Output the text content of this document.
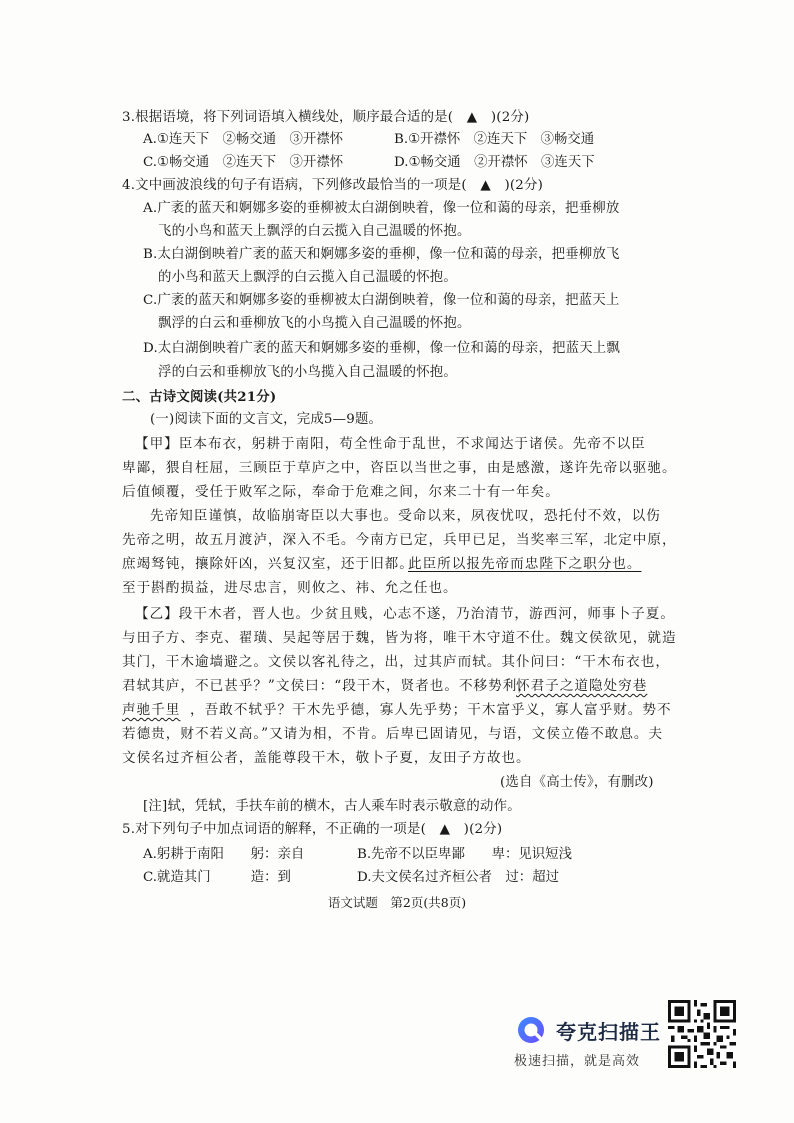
3.根据语境，将下列词语填入横线处，顺序最合适的是(　▲　)(2分)
A.①连天下　②畅交通　③开襟怀	B.①开襟怀　②连天下　③畅交通
C.①畅交通　②连天下　③开襟怀	D.①畅交通　②开襟怀　③连天下
4.文中画波浪线的句子有语病，下列修改最恰当的一项是(　▲　)(2分)
A.广袤的蓝天和婀娜多姿的垂柳被太白湖倒映着，像一位和蔼的母亲，把垂柳放
飞的小鸟和蓝天上飘浮的白云揽入自己温暖的怀抱。
B.太白湖倒映着广袤的蓝天和婀娜多姿的垂柳，像一位和蔼的母亲，把垂柳放飞
的小鸟和蓝天上飘浮的白云揽入自己温暖的怀抱。
C.广袤的蓝天和婀娜多姿的垂柳被太白湖倒映着，像一位和蔼的母亲，把蓝天上
飘浮的白云和垂柳放飞的小鸟揽入自己温暖的怀抱。
D.太白湖倒映着广袤的蓝天和婀娜多姿的垂柳，像一位和蔼的母亲，把蓝天上飘
浮的白云和垂柳放飞的小鸟揽入自己温暖的怀抱。
二、古诗文阅读(共21分)
(一)阅读下面的文言文，完成5—9题。
【甲】臣本布衣，躬耕于南阳，苟全性命于乱世，不求闻达于诸侯。先帝不以臣
卑鄙，猥自枉屈，三顾臣于草庐之中，咨臣以当世之事，由是感激，遂许先帝以驱驰。
后值倾覆，受任于败军之际，奉命于危难之间，尔来二十有一年矣。
先帝知臣谨慎，故临崩寄臣以大事也。受命以来，夙夜忧叹，恐托付不效，以伤
先帝之明，故五月渡泸，深入不毛。今南方已定，兵甲已足，当奖率三军，北定中原，
庶竭驽钝，攘除奸凶，兴复汉室，还于旧都。
此臣所以报先帝而忠陛下之职分也。
至于斟酌损益，进尽忠言，则攸之、祎、允之任也。
【乙】段干木者，晋人也。少贫且贱，心志不遂，乃治清节，游西河，师事卜子夏。
与田子方、李克、翟璜、吴起等居于魏，皆为将，唯干木守道不仕。魏文侯欲见，就造
其门，干木逾墙避之。文侯以客礼待之，出，过其庐而轼。其仆问曰：“干木布衣也，
君轼其庐，不已甚乎？”文侯曰：“段干木，贤者也。不移势利，
怀君子之道隐处穷巷
声驰千里 ，吾敢不轼乎？干木先乎德，寡人先乎势；干木富乎义，寡人富乎财。势不
若德贵，财不若义高。”又请为相，不肯。后卑已固请见，与语，文侯立倦不敢息。夫
文侯名过齐桓公者，盖能尊段干木，敬卜子夏，友田子方故也。
(选自《高士传》，有删改)
[注]轼，凭轼，手扶车前的横木，古人乘车时表示敬意的动作。
5.对下列句子中加点词语的解释，不正确的一项是(　▲　)(2分)
A.躬耕于南阳　　躬：亲自	B.先帝不以臣卑鄙　　卑：见识短浅
C.就造其门　　　造：到	D.夫文侯名过齐桓公者　过：超过
语文试题　第2页(共8页)
夸克扫描王
极速扫描，就是高效
